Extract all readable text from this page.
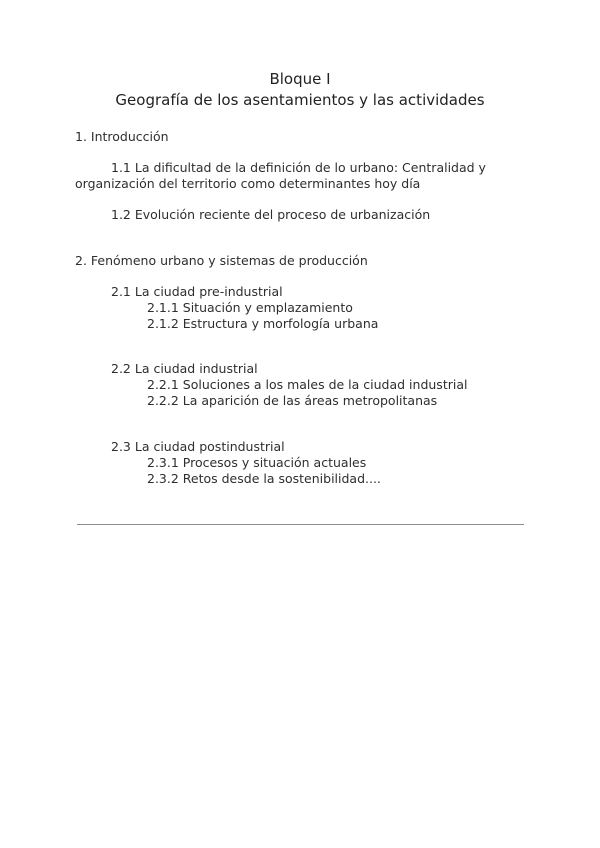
Bloque I
Geografía de los asentamientos y las actividades
1. Introducción
1.1 La dificultad de la definición de lo urbano: Centralidad y
organización del territorio como determinantes hoy día
1.2 Evolución reciente del proceso de urbanización
2. Fenómeno urbano y sistemas de producción
2.1 La ciudad pre-industrial
2.1.1 Situación y emplazamiento
2.1.2 Estructura y morfología urbana
2.2 La ciudad industrial
2.2.1 Soluciones a los males de la ciudad industrial
2.2.2 La aparición de las áreas metropolitanas
2.3 La ciudad postindustrial
2.3.1 Procesos y situación actuales
2.3.2 Retos desde la sostenibilidad....
